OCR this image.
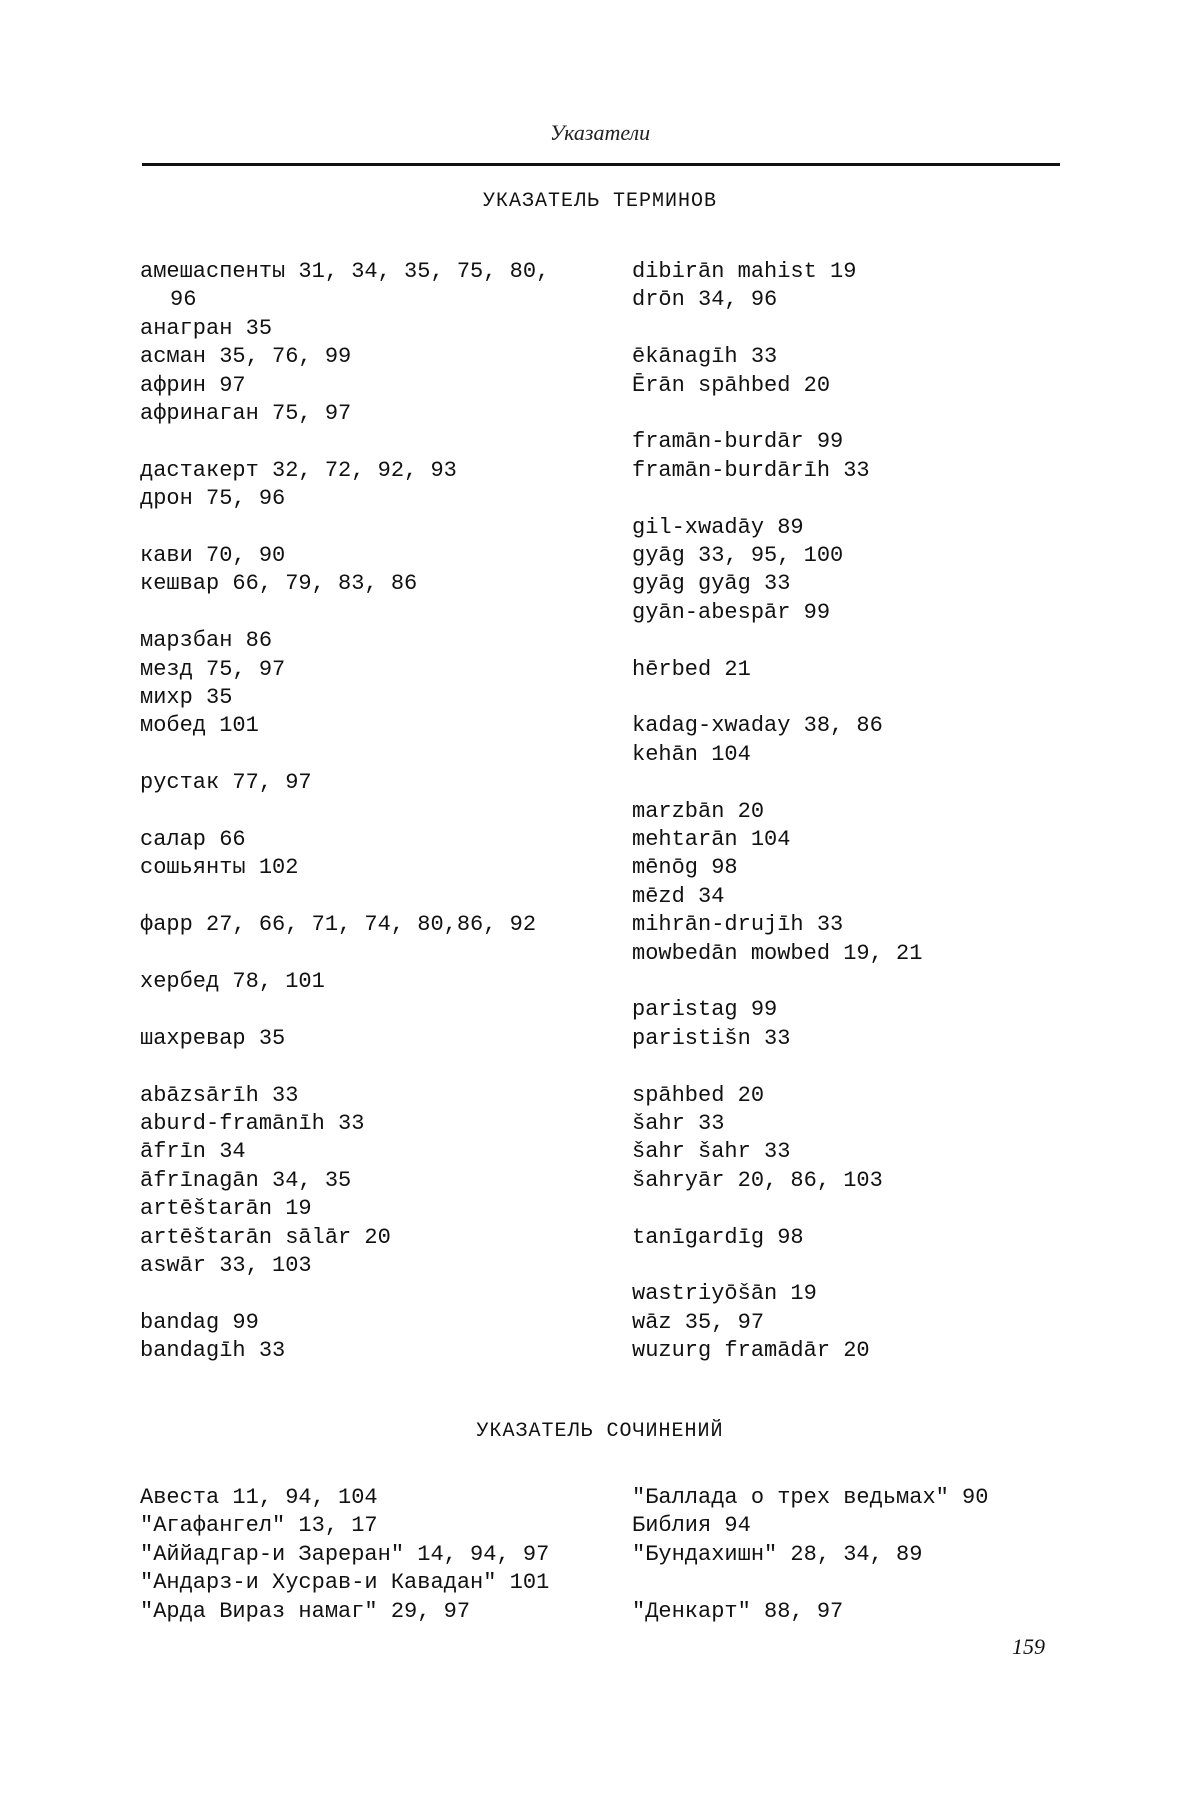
Указатели
УКАЗАТЕЛЬ ТЕРМИНОВ
амешаспенты 31, 34, 35, 75, 80,
96
анагран 35
асман 35, 76, 99
африн 97
афринаган 75, 97
дастакерт 32, 72, 92, 93
дрон 75, 96
кави 70, 90
кешвар 66, 79, 83, 86
марзбан 86
мезд 75, 97
михр 35
мобед 101
рустак 77, 97
салар 66
сошьянты 102
фарр 27, 66, 71, 74, 80,86, 92
хербед 78, 101
шахревар 35
abāzsārīh 33
aburd-framānīh 33
āfrīn 34
āfrīnagān 34, 35
artēštarān 19
artēštarān sālār 20
aswār 33, 103
bandag 99
bandagīh 33
dibirān mahist 19
drōn 34, 96
ēkānagīh 33
Ērān spāhbed 20
framān-burdār 99
framān-burdārīh 33
gil-xwadāy 89
gyāg 33, 95, 100
gyāg gyāg 33
gyān-abespār 99
hērbed 21
kadag-xwaday 38, 86
kehān 104
marzbān 20
mehtarān 104
mēnōg 98
mēzd 34
mihrān-drujīh 33
mowbedān mowbed 19, 21
paristag 99
paristišn 33
spāhbed 20
šahr 33
šahr šahr 33
šahryār 20, 86, 103
tanīgardīg 98
wastriyōšān 19
wāz 35, 97
wuzurg framādār 20
УКАЗАТЕЛЬ СОЧИНЕНИЙ
Авеста 11, 94, 104
"Агафангел" 13, 17
"Аййадгар-и Зареран" 14, 94, 97
"Андарз-и Хусрав-и Кавадан" 101
"Арда Вираз намаг" 29, 97
"Баллада о трех ведьмах" 90
Библия 94
"Бундахишн" 28, 34, 89
"Денкарт" 88, 97
159
